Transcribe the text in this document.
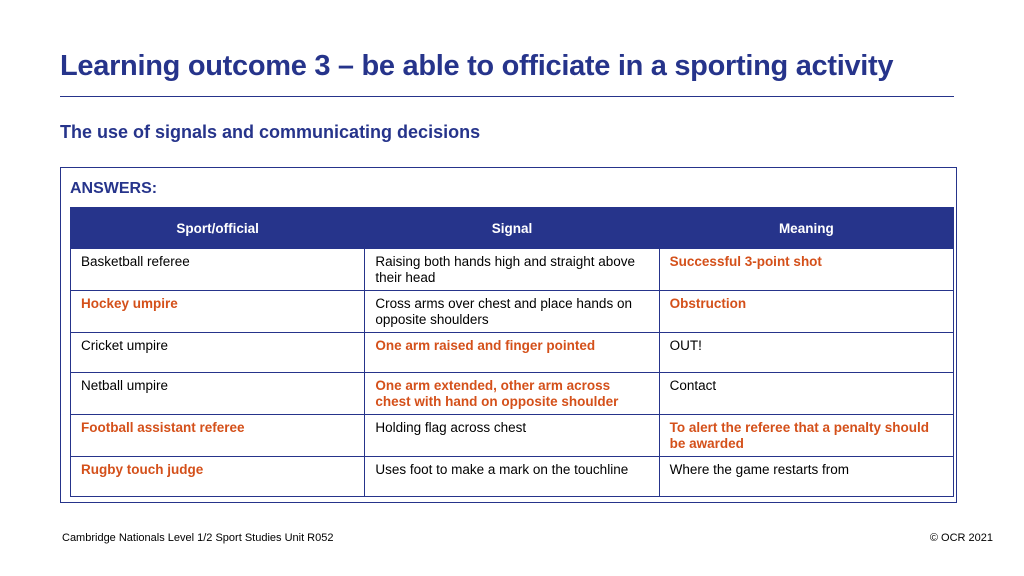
Learning outcome 3 – be able to officiate in a sporting activity
The use of signals and communicating decisions
ANSWERS:
Sport/official	Signal	Meaning
Basketball referee	Raising both hands high and straight above their head	Successful 3-point shot
Hockey umpire	Cross arms over chest and place hands on opposite shoulders	Obstruction
Cricket umpire	One arm raised and finger pointed	OUT!
Netball umpire	One arm extended, other arm across chest with hand on opposite shoulder	Contact
Football assistant referee	Holding flag across chest	To alert the referee that a penalty should be awarded
Rugby touch judge	Uses foot to make a mark on the touchline	Where the game restarts from
Cambridge Nationals Level 1/2 Sport Studies Unit R052	© OCR 2021
